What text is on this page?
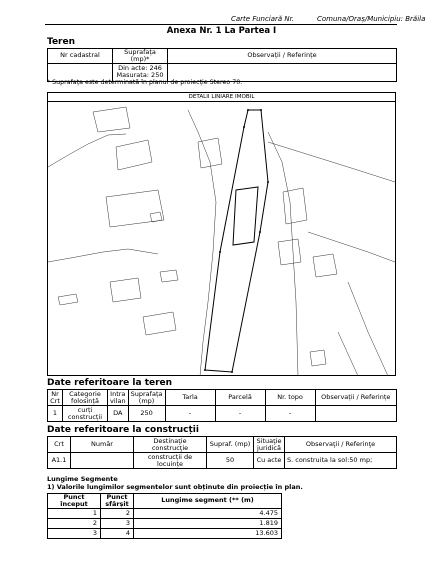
Carte Funciară Nr.	Comuna/Oraș/Municipiu: Brăila
Anexa Nr. 1 La Partea I
Teren
Nr cadastral	Suprafața (mp)*	Observații / Referințe

	Din acte: 246
Masurata: 250	

* Suprafața este determinată în planul de proiecție Stereo 70.
DETALII LINIARE IMOBIL
Date referitoare la teren
Nr Crt	Categorie folosință	Intra vilan	Suprafața (mp)	Tarla	Parcelă	Nr. topo	Observații / Referințe
1	curți construcții	DA	250	-	-	-	
Date referitoare la construcții
Crt	Număr	Destinaţie construcţie	Supraf. (mp)	Situaţie juridică	Observaţii / Referinţe
A1.1		construcții de locuințe	50	Cu acte	S. construita la sol:50 mp;
Lungime Segmente
1) Valorile lungimilor segmentelor sunt obținute din proiecție în plan.
Punct început	Punct sfârșit	Lungime segment (** (m)
1	2	4.475
2	3	1.819
3	4	13.603
